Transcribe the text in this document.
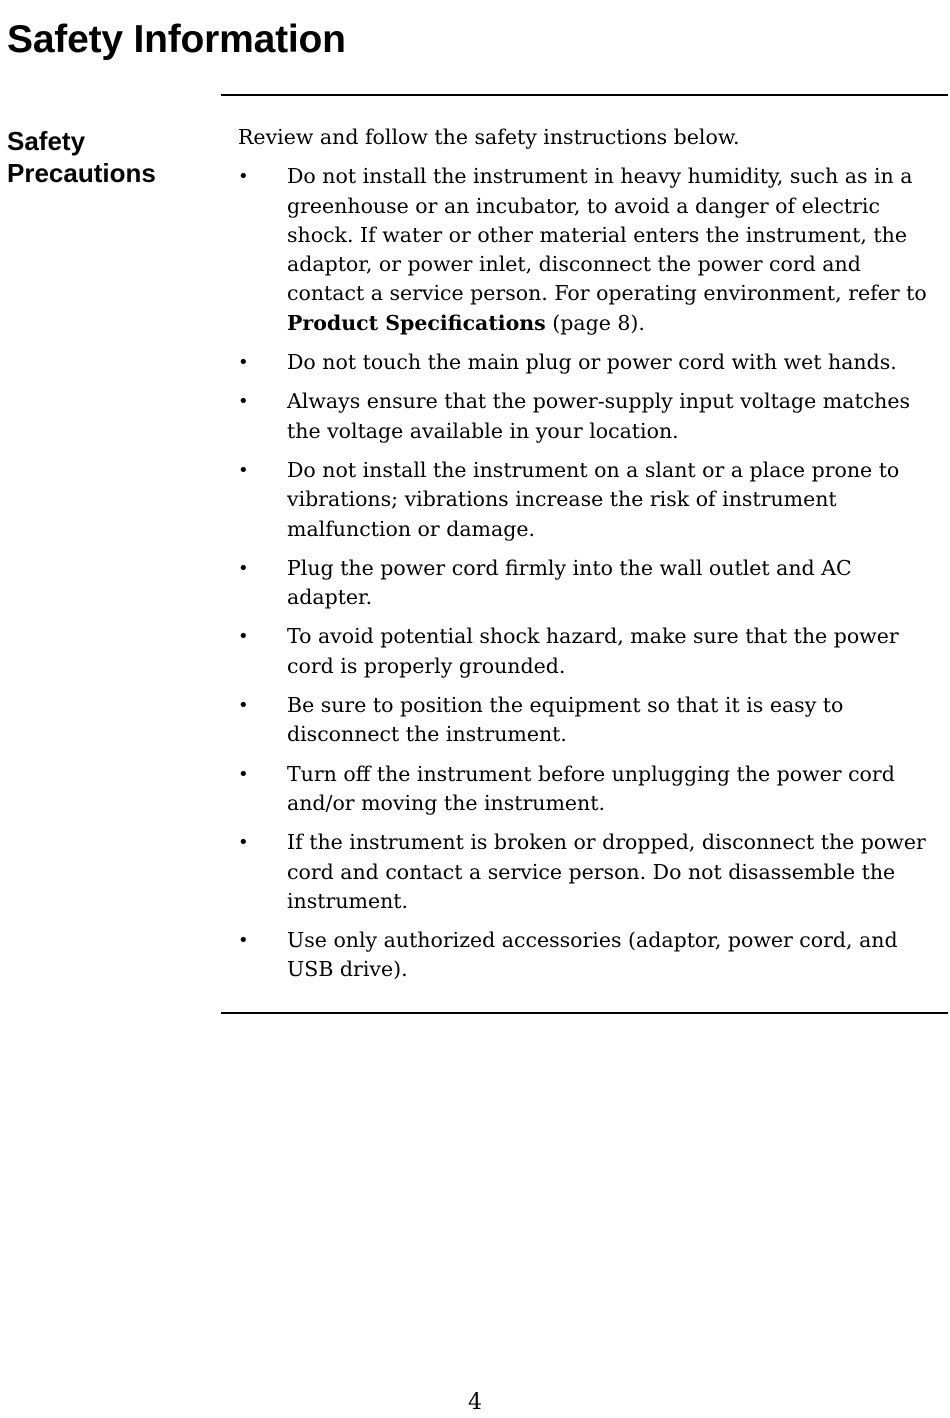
Safety Information
Safety
Precautions

Review and follow the safety instructions below.

• Do not install the instrument in heavy humidity, such as in a greenhouse or an incubator, to avoid a danger of electric shock. If water or other material enters the instrument, the adaptor, or power inlet, disconnect the power cord and contact a service person. For operating environment, refer to Product Specifications (page 8).
• Do not touch the main plug or power cord with wet hands.
• Always ensure that the power-supply input voltage matches the voltage available in your location.
• Do not install the instrument on a slant or a place prone to vibrations; vibrations increase the risk of instrument malfunction or damage.
• Plug the power cord firmly into the wall outlet and AC adapter.
• To avoid potential shock hazard, make sure that the power cord is properly grounded.
• Be sure to position the equipment so that it is easy to disconnect the instrument.
• Turn off the instrument before unplugging the power cord and/or moving the instrument.
• If the instrument is broken or dropped, disconnect the power cord and contact a service person. Do not disassemble the instrument.
• Use only authorized accessories (adaptor, power cord, and USB drive).
4
